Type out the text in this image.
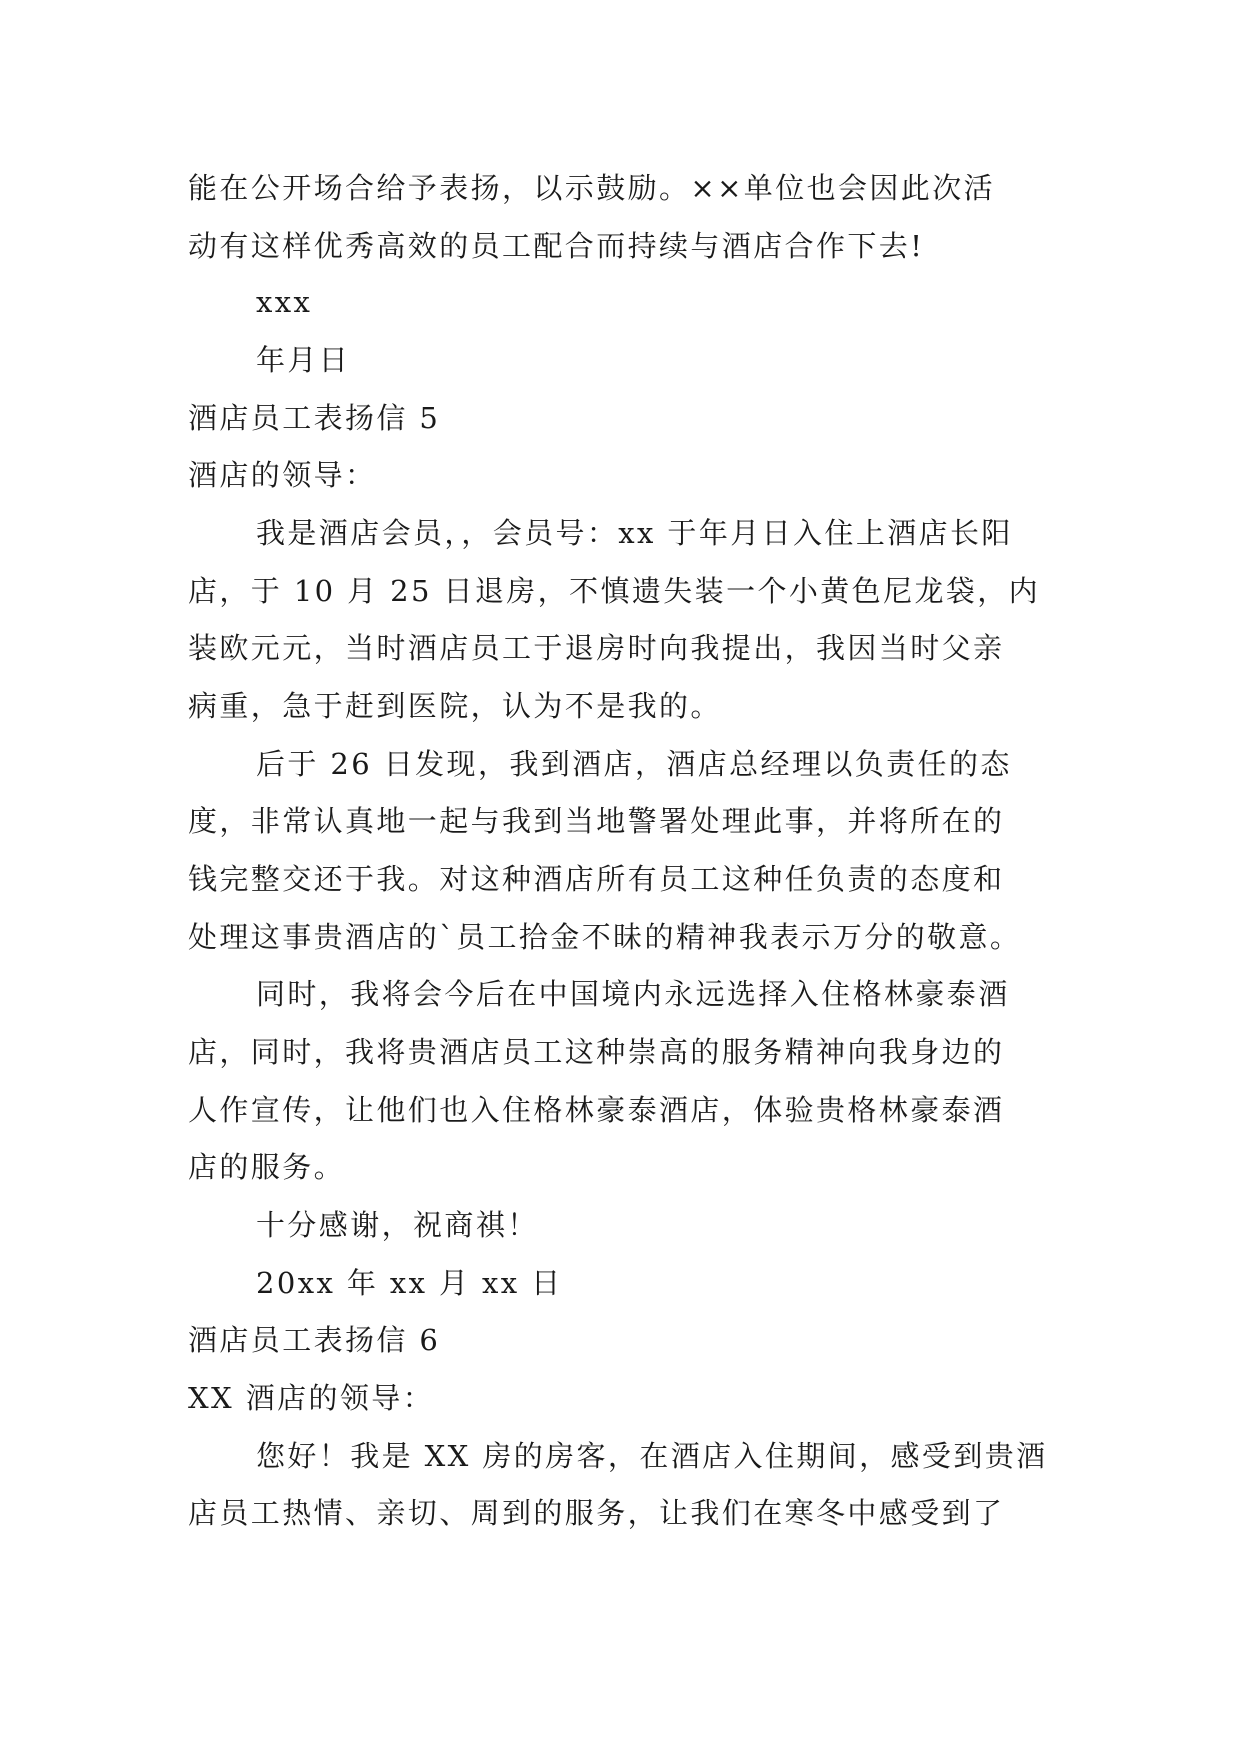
能在公开场合给予表扬，以示鼓励。××单位也会因此次活
动有这样优秀高效的员工配合而持续与酒店合作下去!
xxx
年月日
酒店员工表扬信 5
酒店的领导：
我是酒店会员，，会员号：xx 于年月日入住上酒店长阳
店，于 10 月 25 日退房，不慎遗失装一个小黄色尼龙袋，内
装欧元元，当时酒店员工于退房时向我提出，我因当时父亲
病重，急于赶到医院，认为不是我的。
后于 26 日发现，我到酒店，酒店总经理以负责任的态
度，非常认真地一起与我到当地警署处理此事，并将所在的
钱完整交还于我。对这种酒店所有员工这种任负责的态度和
处理这事贵酒店的`员工拾金不昧的精神我表示万分的敬意。
同时，我将会今后在中国境内永远选择入住格林豪泰酒
店，同时，我将贵酒店员工这种崇高的服务精神向我身边的
人作宣传，让他们也入住格林豪泰酒店，体验贵格林豪泰酒
店的服务。
十分感谢，祝商祺！
20xx 年 xx 月 xx 日
酒店员工表扬信 6
XX 酒店的领导：
您好！我是 XX 房的房客，在酒店入住期间，感受到贵酒
店员工热情、亲切、周到的服务，让我们在寒冬中感受到了
